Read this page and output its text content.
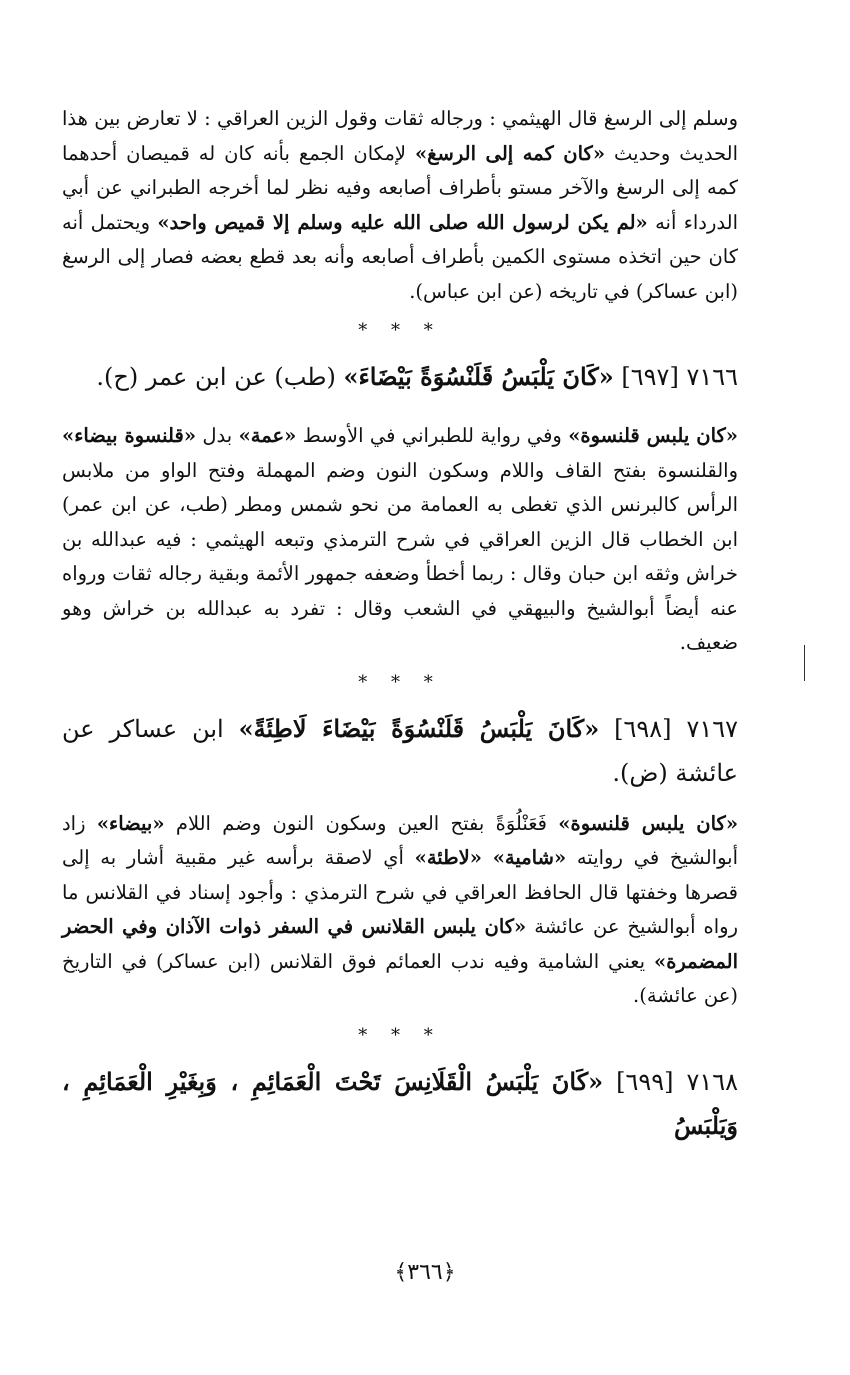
وسلم إلى الرسغ قال الهيثمي : ورجاله ثقات وقول الزين العراقي : لا تعارض بين هذا الحديث وحديث «كان كمه إلى الرسغ» لإمكان الجمع بأنه كان له قميصان أحدهما كمه إلى الرسغ والآخر مستو بأطراف أصابعه وفيه نظر لما أخرجه الطبراني عن أبي الدرداء أنه «لم يكن لرسول الله صلى الله عليه وسلم إلا قميص واحد» ويحتمل أنه كان حين اتخذه مستوى الكمين بأطراف أصابعه وأنه بعد قطع بعضه فصار إلى الرسغ (ابن عساكر) في تاريخه (عن ابن عباس).

* * *

٧١٦٦ [٦٩٧] «كَانَ يَلْبَسُ قَلَنْسُوَةً بَيْضَاءَ» (طب) عن ابن عمر (ح).

«كان يلبس قلنسوة» وفي رواية للطبراني في الأوسط «عمة» بدل «قلنسوة بيضاء» والقلنسوة بفتح القاف واللام وسكون النون وضم المهملة وفتح الواو من ملابس الرأس كالبرنس الذي تغطى به العمامة من نحو شمس ومطر (طب، عن ابن عمر) ابن الخطاب قال الزين العراقي في شرح الترمذي وتبعه الهيثمي : فيه عبدالله بن خراش وثقه ابن حبان وقال : ربما أخطأ وضعفه جمهور الأئمة وبقية رجاله ثقات ورواه عنه أيضاً أبوالشيخ والبيهقي في الشعب وقال : تفرد به عبدالله بن خراش وهو ضعيف.

* * *

٧١٦٧ [٦٩٨] «كَانَ يَلْبَسُ قَلَنْسُوَةً بَيْضَاءَ لَاطِئَةً» ابن عساكر عن عائشة (ض).

«كان يلبس قلنسوة» فَعَنْلُوَةً بفتح العين وسكون النون وضم اللام «بيضاء» زاد أبوالشيخ في روايته «شامية» «لاطئة» أي لاصقة برأسه غير مقبية أشار به إلى قصرها وخفتها قال الحافظ العراقي في شرح الترمذي : وأجود إسناد في القلانس ما رواه أبوالشيخ عن عائشة «كان يلبس القلانس في السفر ذوات الآذان وفي الحضر المضمرة» يعني الشامية وفيه ندب العمائم فوق القلانس (ابن عساكر) في التاريخ (عن عائشة).

* * *

٧١٦٨ [٦٩٩] «كَانَ يَلْبَسُ الْقَلَانِسَ تَحْتَ الْعَمَائِمِ ، وَبِغَيْرِ الْعَمَائِمِ ، وَيَلْبَسُ

﴿٣٦٦﴾
